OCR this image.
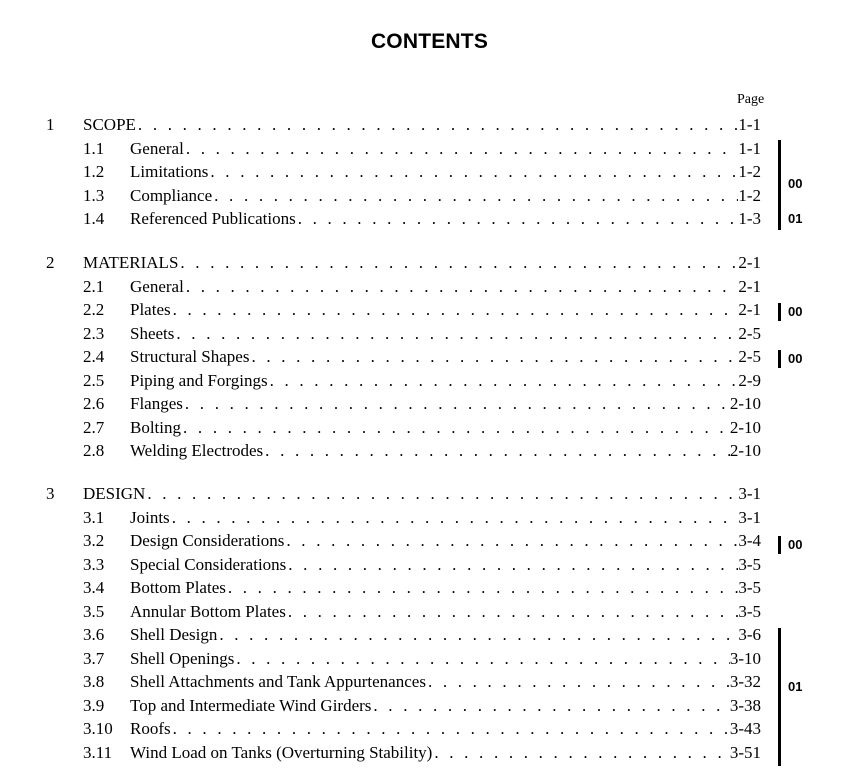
CONTENTS
Page
1 SCOPE . . .	1-1
1.1 General . . .	1-1
1.2 Limitations . . .	1-2
1.3 Compliance . . .	1-2
1.4 Referenced Publications . . .	1-3
2 MATERIALS . . .	2-1
2.1 General . . .	2-1
2.2 Plates . . .	2-1
2.3 Sheets . . .	2-5
2.4 Structural Shapes . . .	2-5
2.5 Piping and Forgings . . .	2-9
2.6 Flanges . . .	2-10
2.7 Bolting . . .	2-10
2.8 Welding Electrodes . . .	2-10
3 DESIGN . . .	3-1
3.1 Joints . . .	3-1
3.2 Design Considerations . . .	3-4
3.3 Special Considerations . . .	3-5
3.4 Bottom Plates . . .	3-5
3.5 Annular Bottom Plates . . .	3-5
3.6 Shell Design . . .	3-6
3.7 Shell Openings . . .	3-10
3.8 Shell Attachments and Tank Appurtenances . . .	3-32
3.9 Top and Intermediate Wind Girders . . .	3-38
3.10 Roofs . . .	3-43
3.11 Wind Load on Tanks (Overturning Stability) . . .	3-51
00
01
00
00
00
01
